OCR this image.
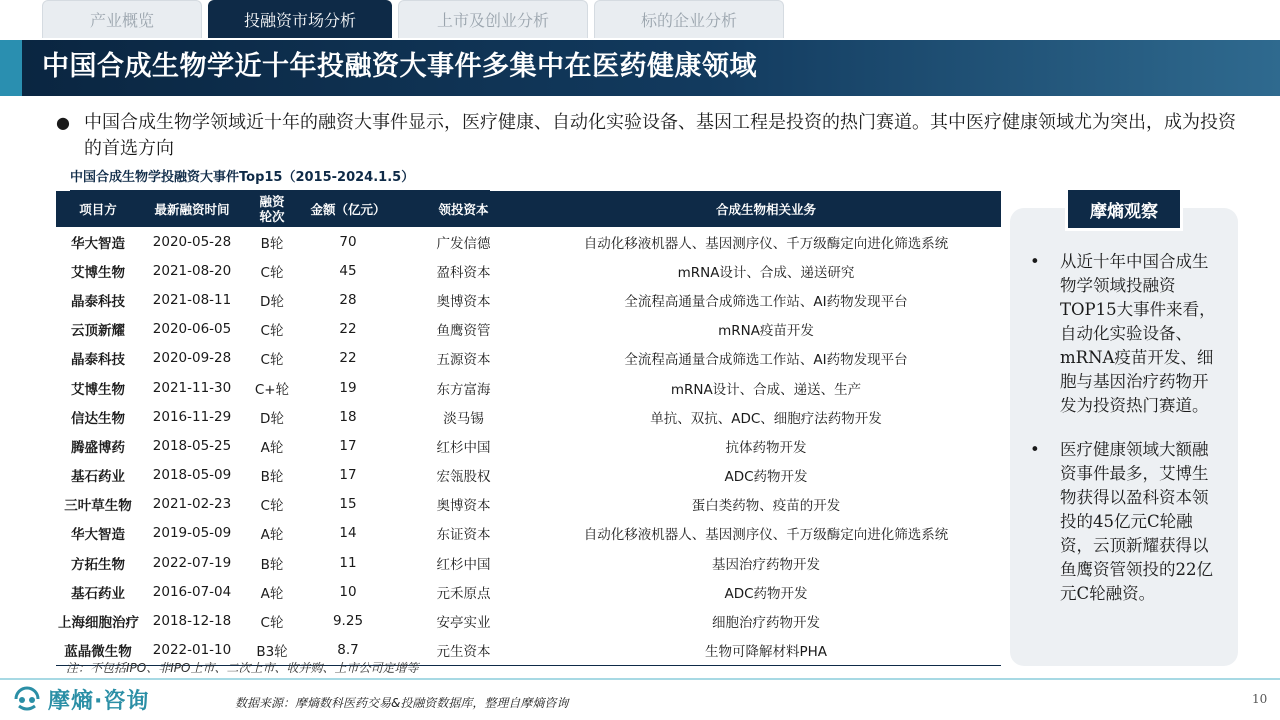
产业概览	投融资市场分析	上市及创业分析	标的企业分析
中国合成生物学近十年投融资大事件多集中在医药健康领域
● 中国合成生物学领域近十年的融资大事件显示，医疗健康、自动化实验设备、基因工程是投资的热门赛道。其中医疗健康领域尤为突出，成为投资的首选方向
中国合成生物学投融资大事件Top15（2015-2024.1.5）
项目方	最新融资时间	融资
轮次	金额（亿元）	领投资本	合成生物相关业务
华大智造	2020-05-28	B轮	70	广发信德	自动化移液机器人、基因测序仪、千万级酶定向进化筛选系统
艾博生物	2021-08-20	C轮	45	盈科资本	mRNA设计、合成、递送研究
晶泰科技	2021-08-11	D轮	28	奥博资本	全流程高通量合成筛选工作站、AI药物发现平台
云顶新耀	2020-06-05	C轮	22	鱼鹰资管	mRNA疫苗开发
晶泰科技	2020-09-28	C轮	22	五源资本	全流程高通量合成筛选工作站、AI药物发现平台
艾博生物	2021-11-30	C+轮	19	东方富海	mRNA设计、合成、递送、生产
信达生物	2016-11-29	D轮	18	淡马锡	单抗、双抗、ADC、细胞疗法药物开发
腾盛博药	2018-05-25	A轮	17	红杉中国	抗体药物开发
基石药业	2018-05-09	B轮	17	宏瓴股权	ADC药物开发
三叶草生物	2021-02-23	C轮	15	奥博资本	蛋白类药物、疫苗的开发
华大智造	2019-05-09	A轮	14	东证资本	自动化移液机器人、基因测序仪、千万级酶定向进化筛选系统
方拓生物	2022-07-19	B轮	11	红杉中国	基因治疗药物开发
基石药业	2016-07-04	A轮	10	元禾原点	ADC药物开发
上海细胞治疗	2018-12-18	C轮	9.25	安亭实业	细胞治疗药物开发
蓝晶微生物	2022-01-10	B3轮	8.7	元生资本	生物可降解材料PHA
注：不包括IPO、非IPO上市、二次上市、收并购、上市公司定增等
摩熵观察
• 从近十年中国合成生物学领域投融资TOP15大事件来看，自动化实验设备、mRNA疫苗开发、细胞与基因治疗药物开发为投资热门赛道。
• 医疗健康领域大额融资事件最多，艾博生物获得以盈科资本领投的45亿元C轮融资，云顶新耀获得以鱼鹰资管领投的22亿元C轮融资。
摩熵·咨询	数据来源：摩熵数科医药交易&投融资数据库，整理自摩熵咨询	10
